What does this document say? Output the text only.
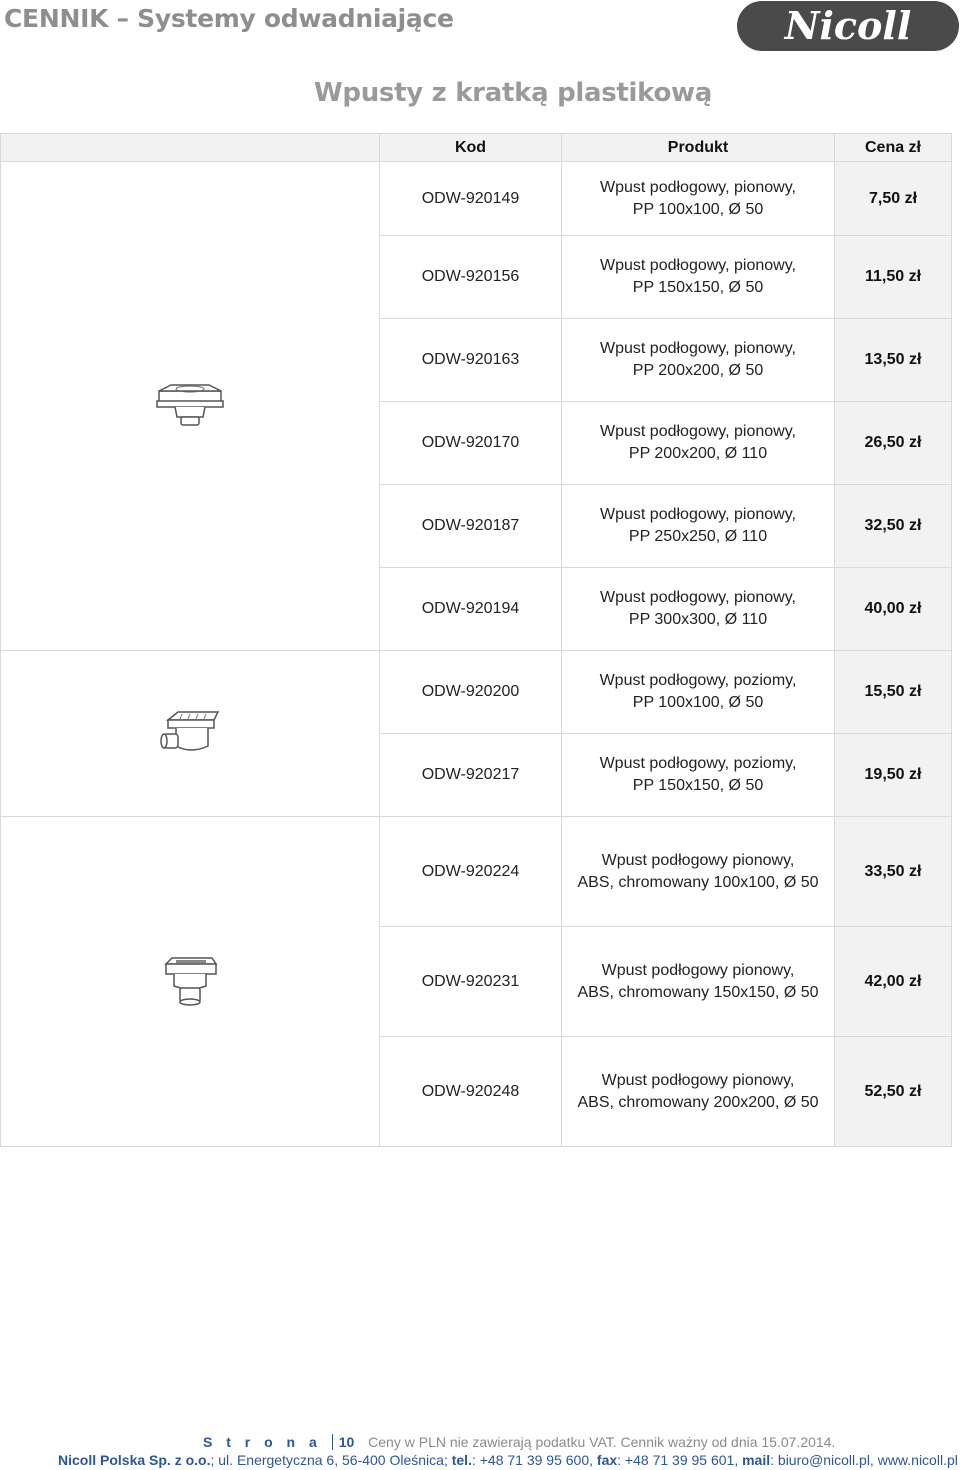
CENNIK – Systemy odwadniające	Nicoll
Wpusty z kratką plastikową
	Kod	Produkt	Cena zł

	ODW-920149	Wpust podłogowy, pionowy,
PP 100x100, Ø 50	7,50 zł
	ODW-920156	Wpust podłogowy, pionowy,
PP 150x150, Ø 50	11,50 zł
	ODW-920163	Wpust podłogowy, pionowy,
PP 200x200, Ø 50	13,50 zł
	ODW-920170	Wpust podłogowy, pionowy,
PP 200x200, Ø 110	26,50 zł
	ODW-920187	Wpust podłogowy, pionowy,
PP 250x250, Ø 110	32,50 zł
	ODW-920194	Wpust podłogowy, pionowy,
PP 300x300, Ø 110	40,00 zł

	ODW-920200	Wpust podłogowy, poziomy,
PP 100x100, Ø 50	15,50 zł
	ODW-920217	Wpust podłogowy, poziomy,
PP 150x150, Ø 50	19,50 zł

	ODW-920224	Wpust podłogowy pionowy,
ABS, chromowany 100x100, Ø 50	33,50 zł
	ODW-920231	Wpust podłogowy pionowy,
ABS, chromowany 150x150, Ø 50	42,00 zł
	ODW-920248	Wpust podłogowy pionowy,
ABS, chromowany 200x200, Ø 50	52,50 zł
S t r o n a 10 Ceny w PLN nie zawierają podatku VAT. Cennik ważny od dnia 15.07.2014.
Nicoll Polska Sp. z o.o.; ul. Energetyczna 6, 56-400 Oleśnica; tel.: +48 71 39 95 600, fax: +48 71 39 95 601, mail: biuro@nicoll.pl, www.nicoll.pl
